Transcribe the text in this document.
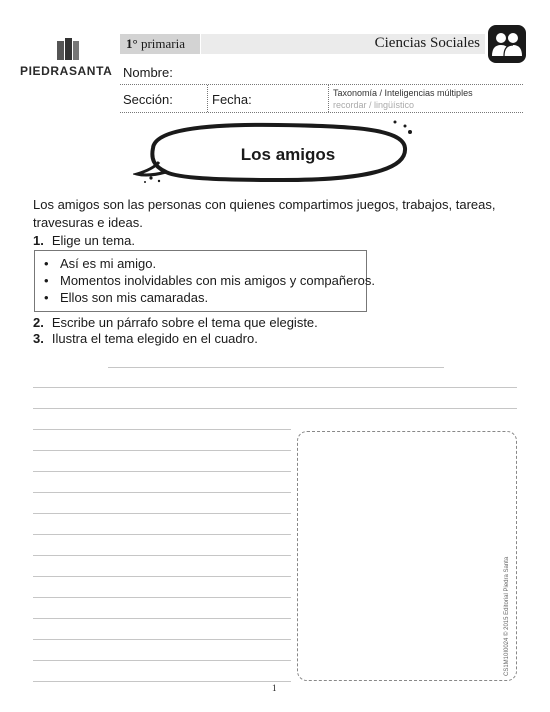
PIEDRASANTA
1° primaria	Ciencias Sociales
Nombre:
Sección:	Fecha:	Taxonomía / Inteligencias múltiples
recordar / lingüístico
Los amigos
Los amigos son las personas con quienes compartimos juegos, trabajos, tareas, travesuras e ideas.
1. Elige un tema.
• Así es mi amigo.
• Momentos inolvidables con mis amigos y compañeros.
• Ellos son mis camaradas.
2. Escribe un párrafo sobre el tema que elegiste.
3. Ilustra el tema elegido en el cuadro.
CS1M10I0024 © 2015 Editorial Piedra Santa
1
